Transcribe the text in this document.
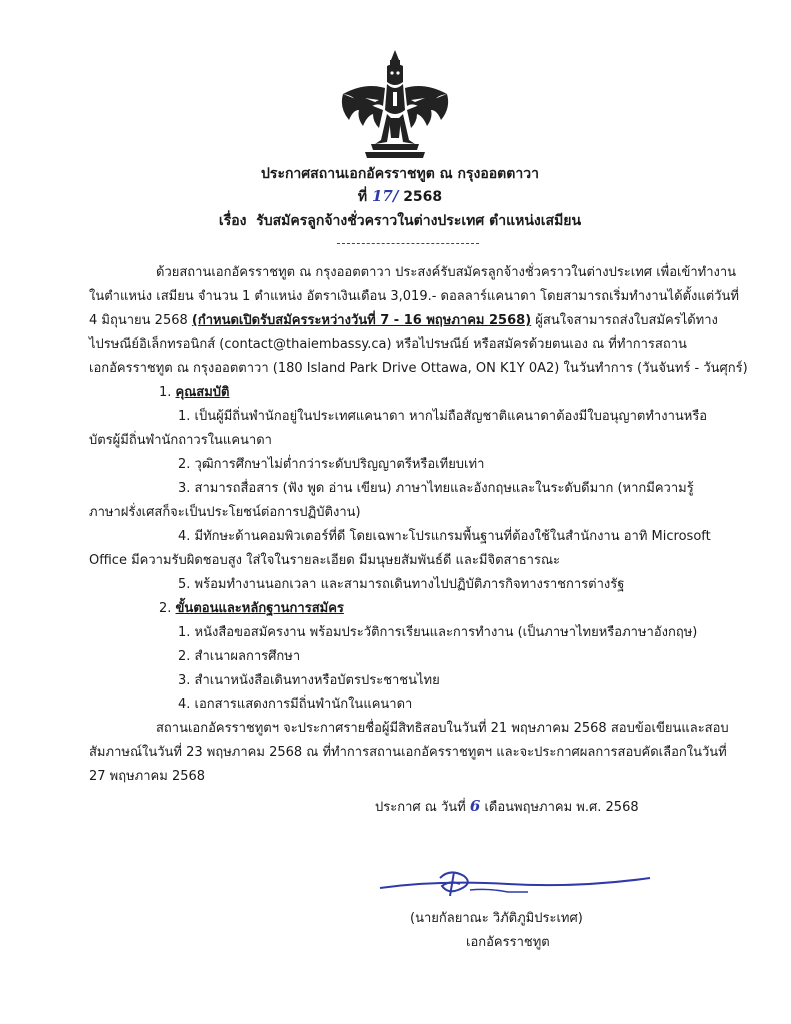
ประกาศสถานเอกอัครราชทูต ณ กรุงออตตาวา
ที่ 17/ 2568
เรื่อง รับสมัครลูกจ้างชั่วคราวในต่างประเทศ ตำแหน่งเสมียน
ด้วยสถานเอกอัครราชทูต ณ กรุงออตตาวา ประสงค์รับสมัครลูกจ้างชั่วคราวในต่างประเทศ เพื่อเข้าทำงาน
ในตำแหน่ง เสมียน จำนวน 1 ตำแหน่ง อัตราเงินเดือน 3,019.- ดอลลาร์แคนาดา โดยสามารถเริ่มทำงานได้ตั้งแต่วันที่
4 มิถุนายน 2568 (กำหนดเปิดรับสมัครระหว่างวันที่ 7 - 16 พฤษภาคม 2568) ผู้สนใจสามารถส่งใบสมัครได้ทาง
ไปรษณีย์อิเล็กทรอนิกส์ (contact@thaiembassy.ca) หรือไปรษณีย์ หรือสมัครด้วยตนเอง ณ ที่ทำการสถาน
เอกอัครราชทูต ณ กรุงออตตาวา (180 Island Park Drive Ottawa, ON K1Y 0A2) ในวันทำการ (วันจันทร์ - วันศุกร์)
1. คุณสมบัติ
1. เป็นผู้มีถิ่นพำนักอยู่ในประเทศแคนาดา หากไม่ถือสัญชาติแคนาดาต้องมีใบอนุญาตทำงานหรือ
บัตรผู้มีถิ่นพำนักถาวรในแคนาดา
2. วุฒิการศึกษาไม่ต่ำกว่าระดับปริญญาตรีหรือเทียบเท่า
3. สามารถสื่อสาร (ฟัง พูด อ่าน เขียน) ภาษาไทยและอังกฤษและในระดับดีมาก (หากมีความรู้
ภาษาฝรั่งเศสก็จะเป็นประโยชน์ต่อการปฏิบัติงาน)
4. มีทักษะด้านคอมพิวเตอร์ที่ดี โดยเฉพาะโปรแกรมพื้นฐานที่ต้องใช้ในสำนักงาน อาทิ Microsoft
Office มีความรับผิดชอบสูง ใส่ใจในรายละเอียด มีมนุษยสัมพันธ์ดี และมีจิตสาธารณะ
5. พร้อมทำงานนอกเวลา และสามารถเดินทางไปปฏิบัติภารกิจทางราชการต่างรัฐ
2. ขั้นตอนและหลักฐานการสมัคร
1. หนังสือขอสมัครงาน พร้อมประวัติการเรียนและการทำงาน (เป็นภาษาไทยหรือภาษาอังกฤษ)
2. สำเนาผลการศึกษา
3. สำเนาหนังสือเดินทางหรือบัตรประชาชนไทย
4. เอกสารแสดงการมีถิ่นพำนักในแคนาดา
สถานเอกอัครราชทูตฯ จะประกาศรายชื่อผู้มีสิทธิสอบในวันที่ 21 พฤษภาคม 2568 สอบข้อเขียนและสอบ
สัมภาษณ์ในวันที่ 23 พฤษภาคม 2568 ณ ที่ทำการสถานเอกอัครราชทูตฯ และจะประกาศผลการสอบคัดเลือกในวันที่
27 พฤษภาคม 2568
ประกาศ ณ วันที่ 6 เดือนพฤษภาคม พ.ศ. 2568
(นายกัลยาณะ วิภัติภูมิประเทศ)
เอกอัครราชทูต
